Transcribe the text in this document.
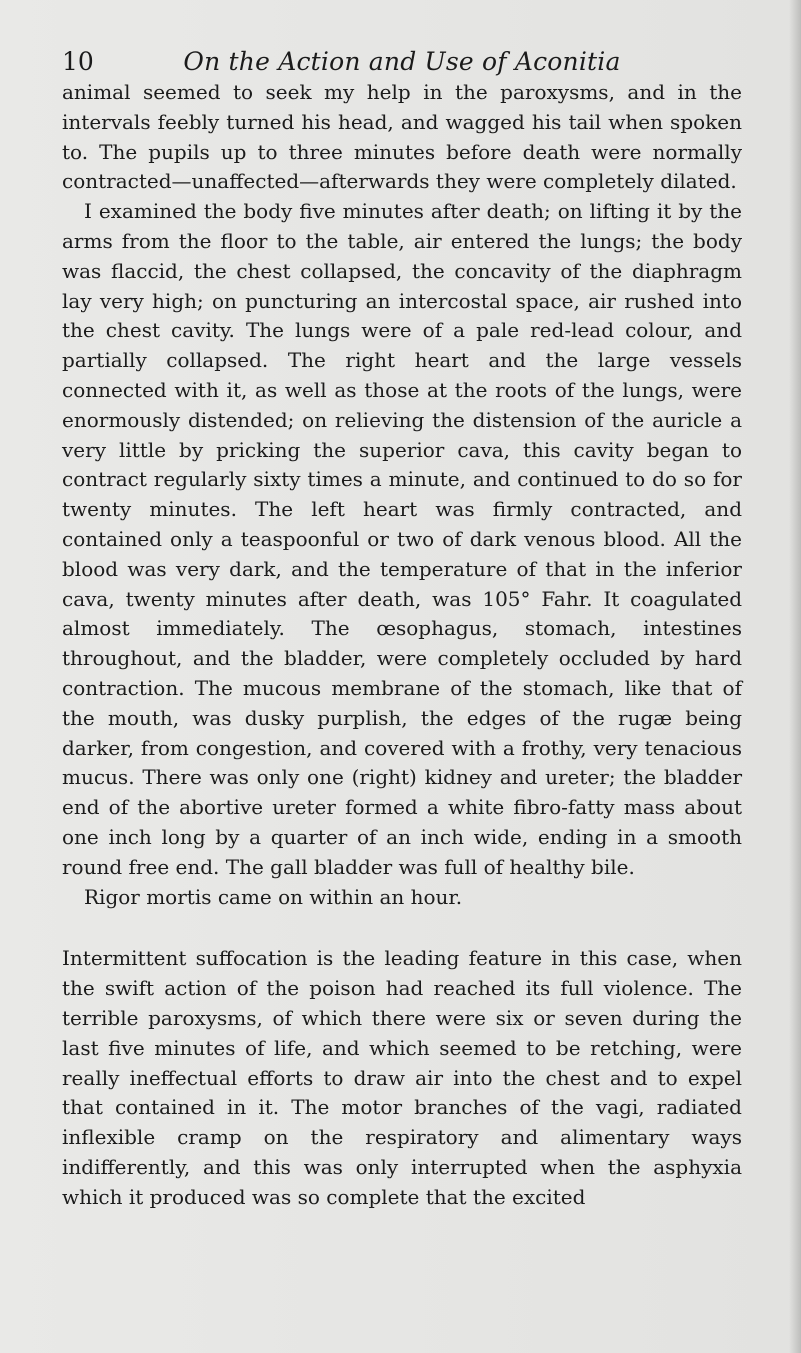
10	On the Action and Use of Aconitia

animal seemed to seek my help in the paroxysms, and in the intervals feebly turned his head, and wagged his tail when spoken to. The pupils up to three minutes before death were normally contracted—unaffected—afterwards they were completely dilated.

I examined the body five minutes after death; on lifting it by the arms from the floor to the table, air entered the lungs; the body was flaccid, the chest collapsed, the concavity of the diaphragm lay very high; on puncturing an intercostal space, air rushed into the chest cavity. The lungs were of a pale red-lead colour, and partially collapsed. The right heart and the large vessels connected with it, as well as those at the roots of the lungs, were enormously distended; on relieving the distension of the auricle a very little by pricking the superior cava, this cavity began to contract regularly sixty times a minute, and continued to do so for twenty minutes. The left heart was firmly contracted, and contained only a teaspoonful or two of dark venous blood. All the blood was very dark, and the temperature of that in the inferior cava, twenty minutes after death, was 105° Fahr. It coagulated almost immediately. The œsophagus, stomach, intestines throughout, and the bladder, were completely occluded by hard contraction. The mucous membrane of the stomach, like that of the mouth, was dusky purplish, the edges of the rugæ being darker, from congestion, and covered with a frothy, very tenacious mucus. There was only one (right) kidney and ureter; the bladder end of the abortive ureter formed a white fibro-fatty mass about one inch long by a quarter of an inch wide, ending in a smooth round free end. The gall bladder was full of healthy bile.

Rigor mortis came on within an hour.

Intermittent suffocation is the leading feature in this case, when the swift action of the poison had reached its full violence. The terrible paroxysms, of which there were six or seven during the last five minutes of life, and which seemed to be retching, were really ineffectual efforts to draw air into the chest and to expel that contained in it. The motor branches of the vagi, radiated inflexible cramp on the respiratory and alimentary ways indifferently, and this was only interrupted when the asphyxia which it produced was so complete that the excited
